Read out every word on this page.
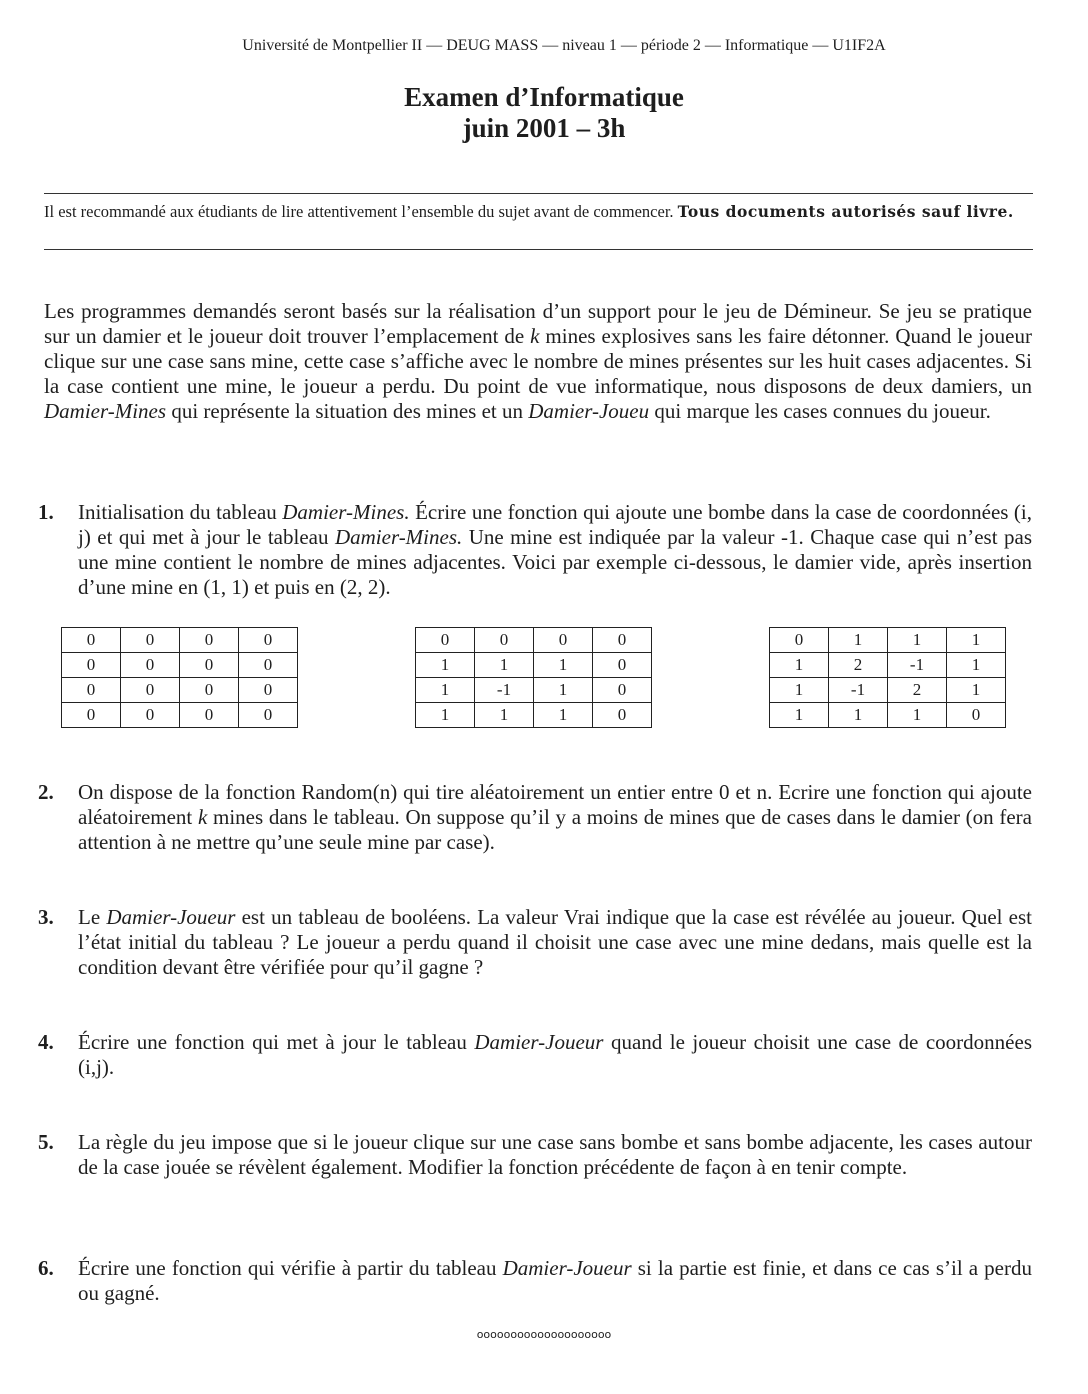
Université de Montpellier II — DEUG MASS — niveau 1 — période 2 — Informatique — U1IF2A
Examen d’Informatique
juin 2001 – 3h
Il est recommandé aux étudiants de lire attentivement l’ensemble du sujet avant de commencer. Tous documents autorisés sauf livre.
Les programmes demandés seront basés sur la réalisation d’un support pour le jeu de Démineur. Se jeu se pratique sur un damier et le joueur doit trouver l’emplacement de k mines explosives sans les faire détonner. Quand le joueur clique sur une case sans mine, cette case s’affiche avec le nombre de mines présentes sur les huit cases adjacentes. Si la case contient une mine, le joueur a perdu. Du point de vue informatique, nous disposons de deux damiers, un Damier-Mines qui représente la situation des mines et un Damier-Joueu qui marque les cases connues du joueur.
1.	Initialisation du tableau Damier-Mines. Écrire une fonction qui ajoute une bombe dans la case de coordonnées (i, j) et qui met à jour le tableau Damier-Mines. Une mine est indiquée par la valeur -1. Chaque case qui n’est pas une mine contient le nombre de mines adjacentes. Voici par exemple ci-dessous, le damier vide, après insertion d’une mine en (1, 1) et puis en (2, 2).
0	0	0	0
0	0	0	0
0	0	0	0
0	0	0	0
0	0	0	0
1	1	1	0
1	-1	1	0
1	1	1	0
0	1	1	1
1	2	-1	1
1	-1	2	1
1	1	1	0
2.	On dispose de la fonction Random(n) qui tire aléatoirement un entier entre 0 et n. Ecrire une fonction qui ajoute aléatoirement k mines dans le tableau. On suppose qu’il y a moins de mines que de cases dans le damier (on fera attention à ne mettre qu’une seule mine par case).
3.	Le Damier-Joueur est un tableau de booléens. La valeur Vrai indique que la case est révélée au joueur. Quel est l’état initial du tableau ? Le joueur a perdu quand il choisit une case avec une mine dedans, mais quelle est la condition devant être vérifiée pour qu’il gagne ?
4.	Écrire une fonction qui met à jour le tableau Damier-Joueur quand le joueur choisit une case de coordonnées (i,j).
5.	La règle du jeu impose que si le joueur clique sur une case sans bombe et sans bombe adjacente, les cases autour de la case jouée se révèlent également. Modifier la fonction précédente de façon à en tenir compte.
6.	Écrire une fonction qui vérifie à partir du tableau Damier-Joueur si la partie est finie, et dans ce cas s’il a perdu ou gagné.
oooooooooooooooooooo
